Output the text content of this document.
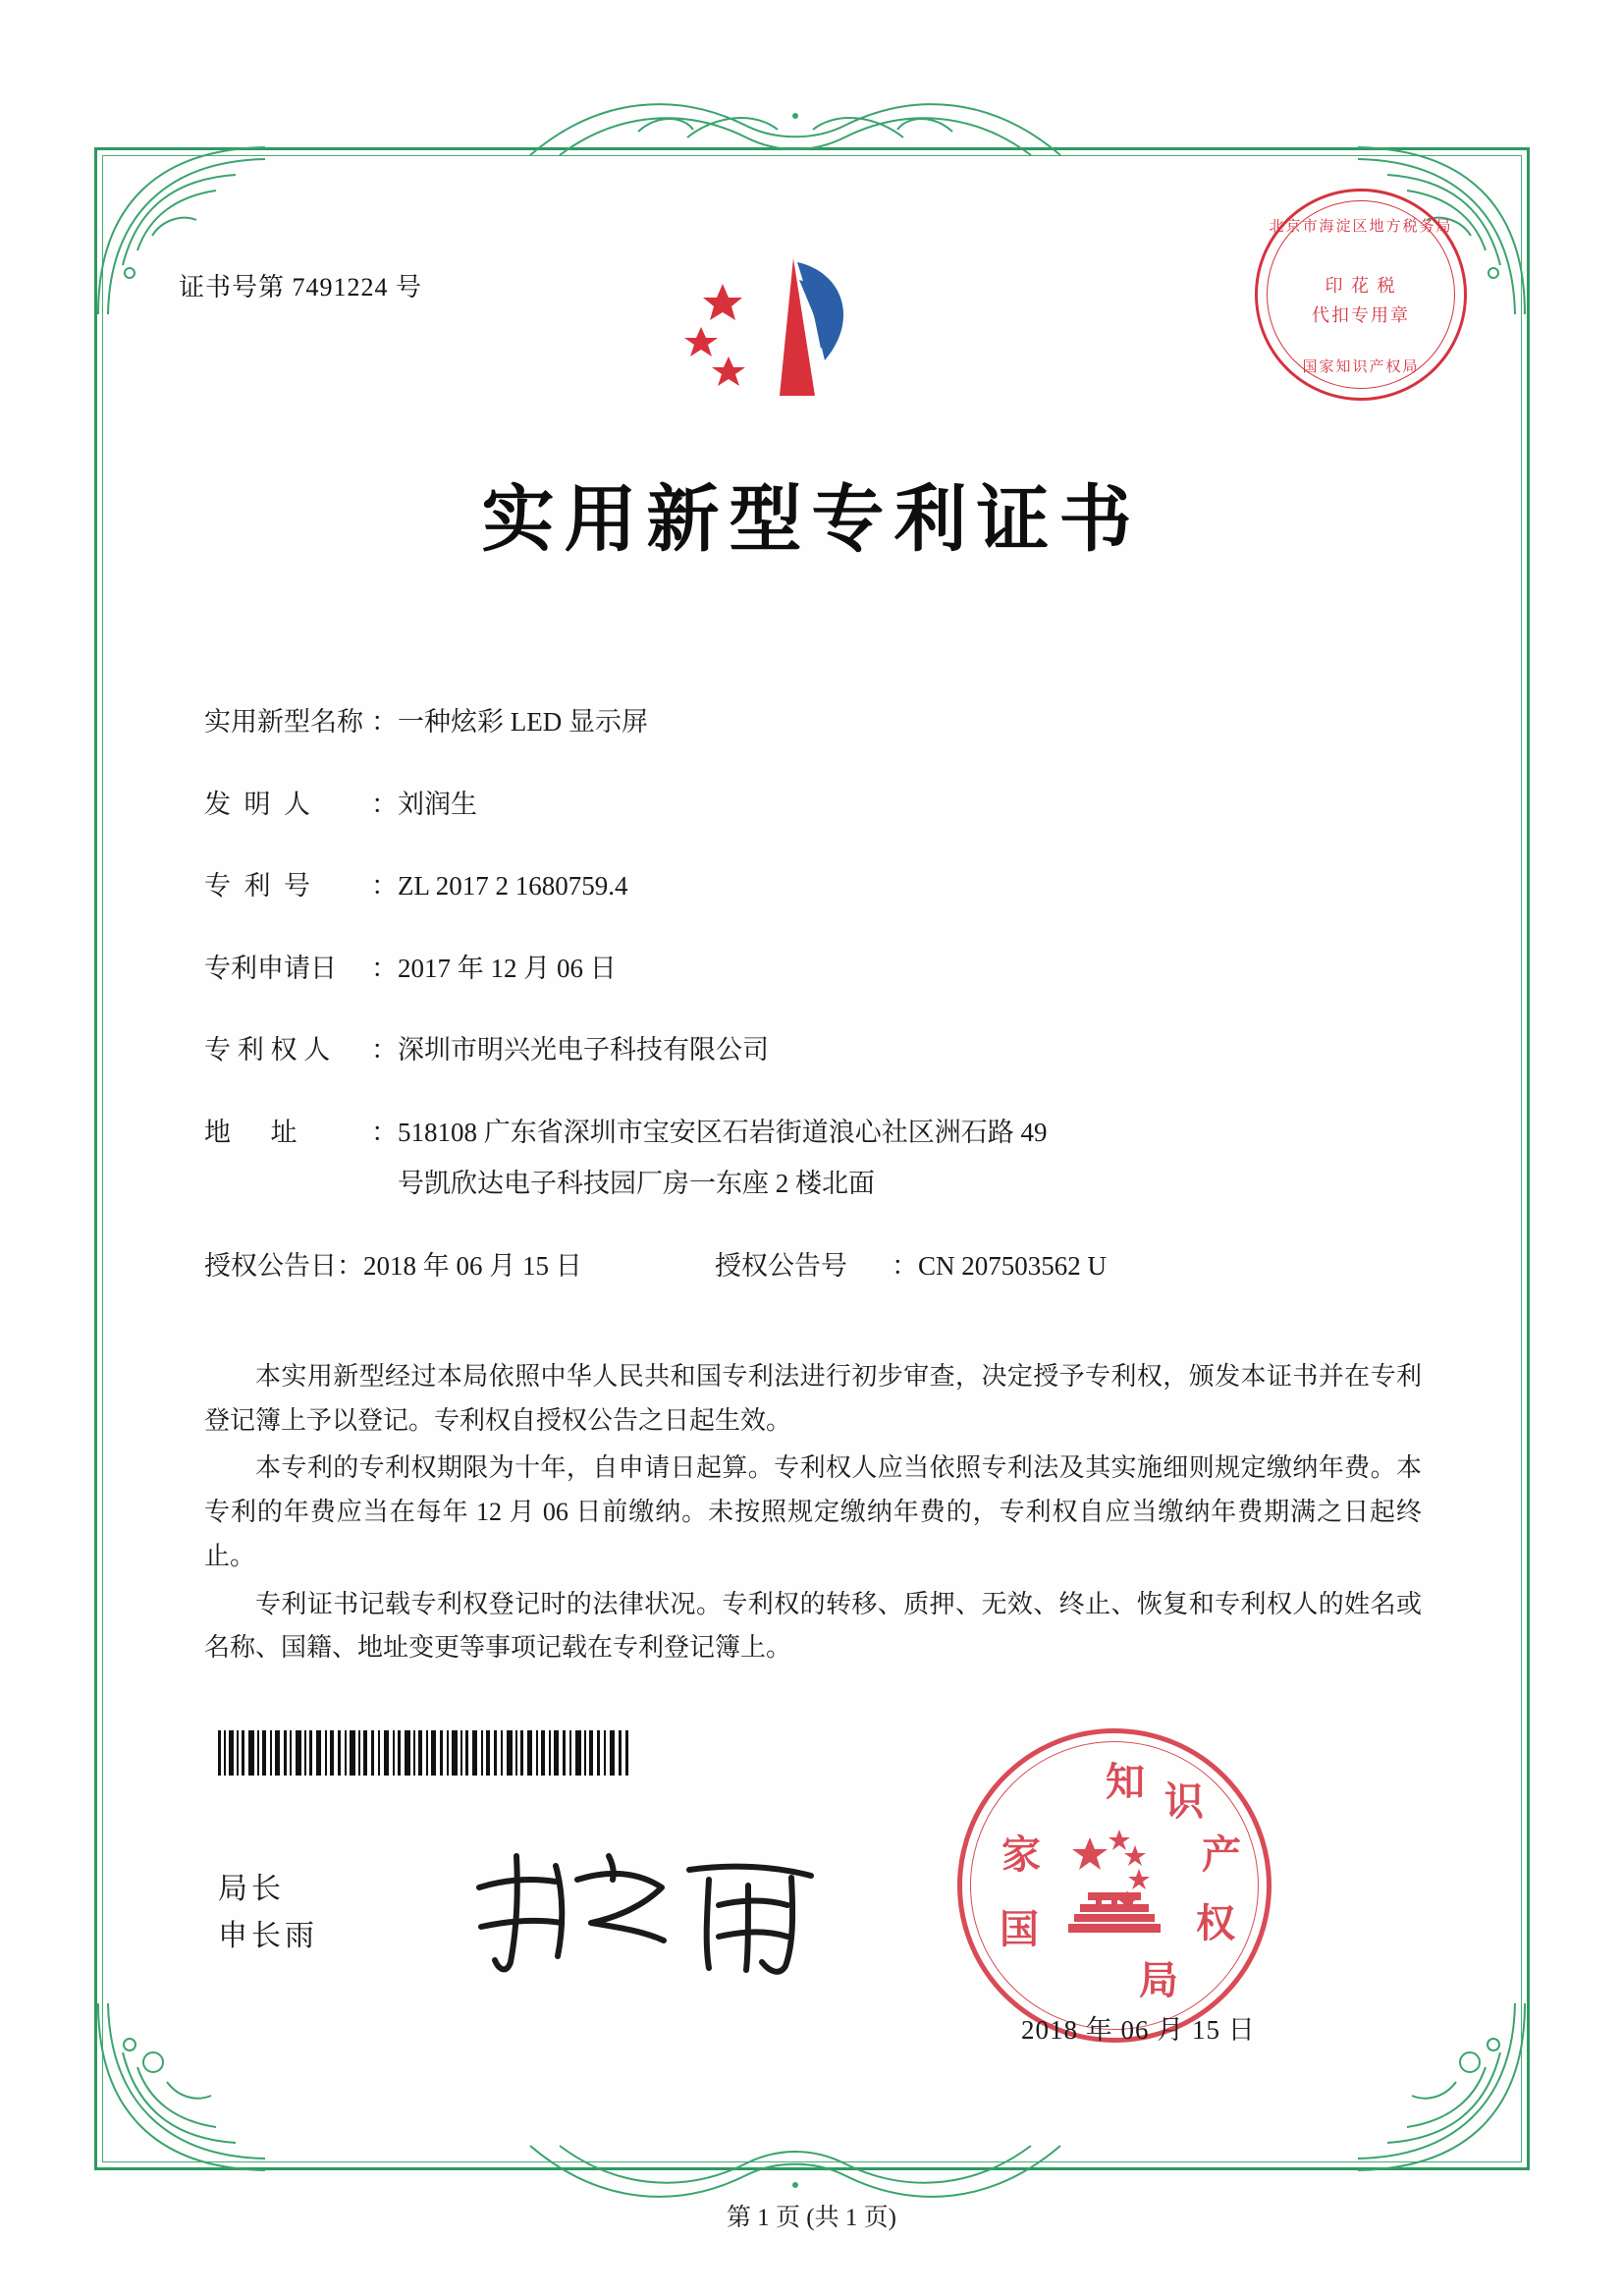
证书号第 7491224 号
北京市海淀区地方税务局
印 花 税
代扣专用章
国家知识产权局
实用新型专利证书
实用新型名称 ： 一种炫彩 LED 显示屏
发  明  人	： 刘润生
专  利  号	： ZL 2017 2 1680759.4
专利申请日	： 2017 年 12 月 06 日
专 利 权 人	： 深圳市明兴光电子科技有限公司
地      址	： 518108 广东省深圳市宝安区石岩街道浪心社区洲石路 49
号凯欣达电子科技园厂房一东座 2 楼北面
授权公告日 ： 2018 年 06 月 15 日	授权公告号	： CN 207503562 U

本实用新型经过本局依照中华人民共和国专利法进行初步审查，决定授予专利权，颁发本证书并在专利登记簿上予以登记。专利权自授权公告之日起生效。

本专利的专利权期限为十年，自申请日起算。专利权人应当依照专利法及其实施细则规定缴纳年费。本专利的年费应当在每年 12 月 06 日前缴纳。未按照规定缴纳年费的，专利权自应当缴纳年费期满之日起终止。

专利证书记载专利权登记时的法律状况。专利权的转移、质押、无效、终止、恢复和专利权人的姓名或名称、国籍、地址变更等事项记载在专利登记簿上。

局长
申长雨
知 识
产
权
局
家
国
2018 年 06 月 15 日
第 1 页 (共 1 页)
